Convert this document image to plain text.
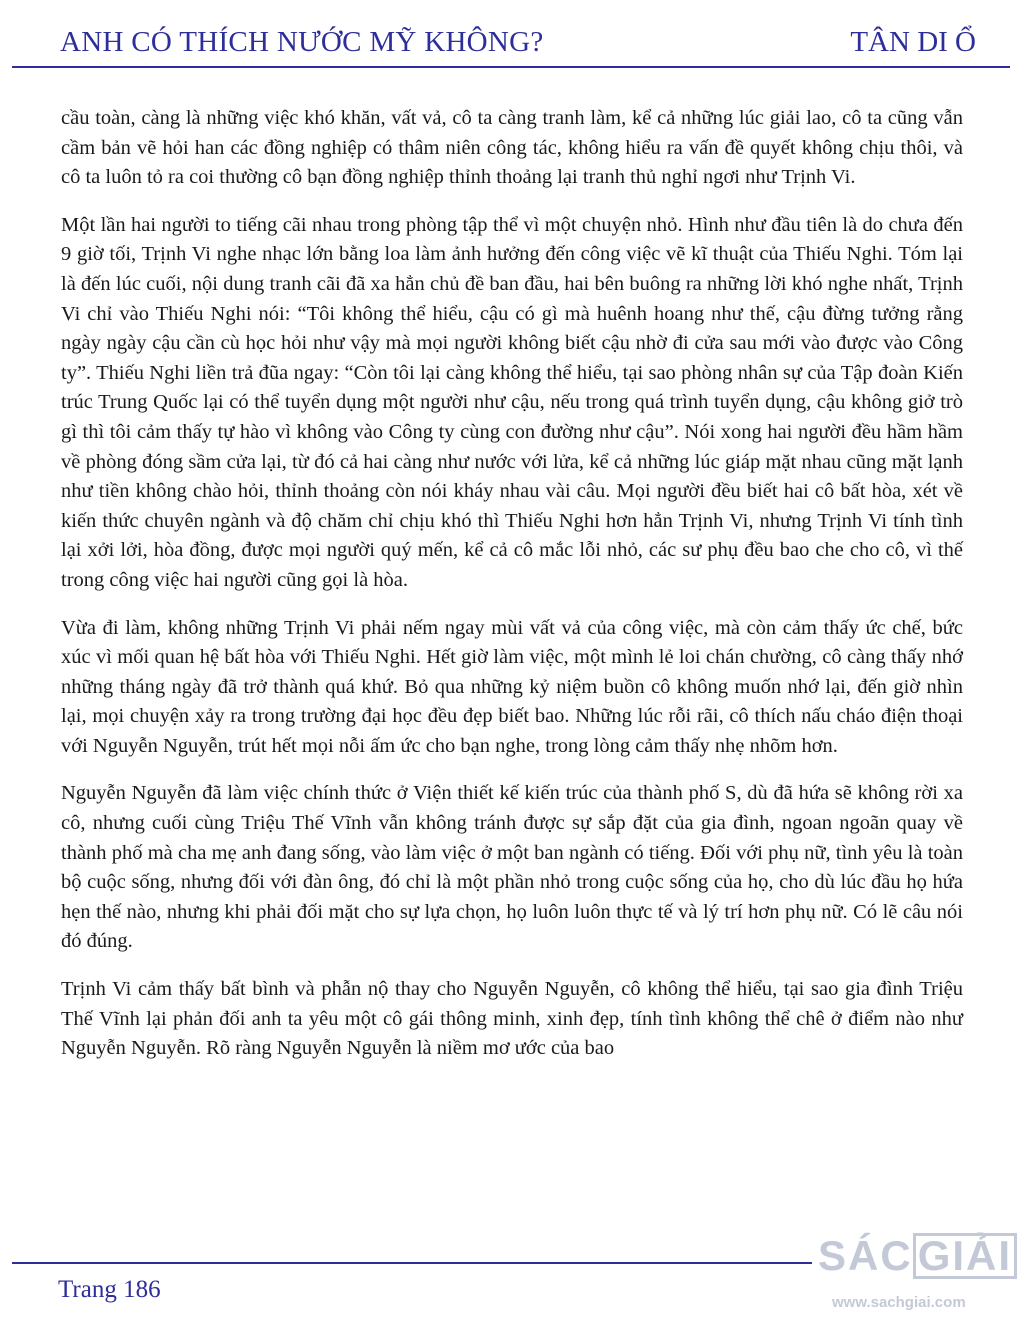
ANH CÓ THÍCH NƯỚC MỸ KHÔNG?	TÂN DI Ổ

cầu toàn, càng là những việc khó khăn, vất vả, cô ta càng tranh làm, kể cả những lúc giải lao, cô ta cũng vẫn cầm bản vẽ hỏi han các đồng nghiệp có thâm niên công tác, không hiểu ra vấn đề quyết không chịu thôi, và cô ta luôn tỏ ra coi thường cô bạn đồng nghiệp thỉnh thoảng lại tranh thủ nghỉ ngơi như Trịnh Vi.

Một lần hai người to tiếng cãi nhau trong phòng tập thể vì một chuyện nhỏ. Hình như đầu tiên là do chưa đến 9 giờ tối, Trịnh Vi nghe nhạc lớn bằng loa làm ảnh hưởng đến công việc vẽ kĩ thuật của Thiếu Nghi. Tóm lại là đến lúc cuối, nội dung tranh cãi đã xa hẳn chủ đề ban đầu, hai bên buông ra những lời khó nghe nhất, Trịnh Vi chỉ vào Thiếu Nghi nói: “Tôi không thể hiểu, cậu có gì mà huênh hoang như thế, cậu đừng tưởng rằng ngày ngày cậu cần cù học hỏi như vậy mà mọi người không biết cậu nhờ đi cửa sau mới vào được vào Công ty”. Thiếu Nghi liền trả đũa ngay: “Còn tôi lại càng không thể hiểu, tại sao phòng nhân sự của Tập đoàn Kiến trúc Trung Quốc lại có thể tuyển dụng một người như cậu, nếu trong quá trình tuyển dụng, cậu không giở trò gì thì tôi cảm thấy tự hào vì không vào Công ty cùng con đường như cậu”. Nói xong hai người đều hầm hầm về phòng đóng sầm cửa lại, từ đó cả hai càng như nước với lửa, kể cả những lúc giáp mặt nhau cũng mặt lạnh như tiền không chào hỏi, thỉnh thoảng còn nói kháy nhau vài câu. Mọi người đều biết hai cô bất hòa, xét về kiến thức chuyên ngành và độ chăm chỉ chịu khó thì Thiếu Nghi hơn hẳn Trịnh Vi, nhưng Trịnh Vi tính tình lại xởi lởi, hòa đồng, được mọi người quý mến, kể cả cô mắc lỗi nhỏ, các sư phụ đều bao che cho cô, vì thế trong công việc hai người cũng gọi là hòa.

Vừa đi làm, không những Trịnh Vi phải nếm ngay mùi vất vả của công việc, mà còn cảm thấy ức chế, bức xúc vì mối quan hệ bất hòa với Thiếu Nghi. Hết giờ làm việc, một mình lẻ loi chán chường, cô càng thấy nhớ những tháng ngày đã trở thành quá khứ. Bỏ qua những kỷ niệm buồn cô không muốn nhớ lại, đến giờ nhìn lại, mọi chuyện xảy ra trong trường đại học đều đẹp biết bao. Những lúc rỗi rãi, cô thích nấu cháo điện thoại với Nguyễn Nguyễn, trút hết mọi nỗi ấm ức cho bạn nghe, trong lòng cảm thấy nhẹ nhõm hơn.

Nguyễn Nguyễn đã làm việc chính thức ở Viện thiết kế kiến trúc của thành phố S, dù đã hứa sẽ không rời xa cô, nhưng cuối cùng Triệu Thế Vĩnh vẫn không tránh được sự sắp đặt của gia đình, ngoan ngoãn quay về thành phố mà cha mẹ anh đang sống, vào làm việc ở một ban ngành có tiếng. Đối với phụ nữ, tình yêu là toàn bộ cuộc sống, nhưng đối với đàn ông, đó chỉ là một phần nhỏ trong cuộc sống của họ, cho dù lúc đầu họ hứa hẹn thế nào, nhưng khi phải đối mặt cho sự lựa chọn, họ luôn luôn thực tế và lý trí hơn phụ nữ. Có lẽ câu nói đó đúng.

Trịnh Vi cảm thấy bất bình và phẫn nộ thay cho Nguyễn Nguyễn, cô không thể hiểu, tại sao gia đình Triệu Thế Vĩnh lại phản đối anh ta yêu một cô gái thông minh, xinh đẹp, tính tình không thể chê ở điểm nào như Nguyễn Nguyễn. Rõ ràng Nguyễn Nguyễn là niềm mơ ước của bao

Trang 186
SÁC GIẢI
www.sachgiai.com
